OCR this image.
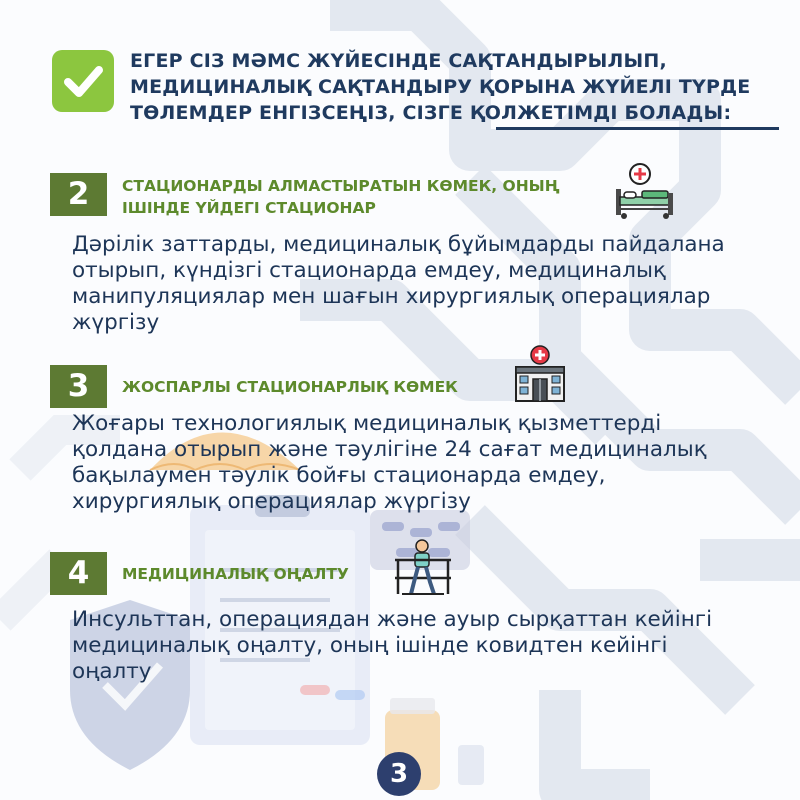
ЕГЕР СІЗ МӘМС ЖҮЙЕСІНДЕ САҚТАНДЫРЫЛЫП,
МЕДИЦИНАЛЫҚ САҚТАНДЫРУ ҚОРЫНА ЖҮЙЕЛІ ТҮРДЕ
ТӨЛЕМДЕР ЕНГІЗСЕҢІЗ, СІЗГЕ ҚОЛЖЕТІМДІ БОЛАДЫ:
2	СТАЦИОНАРДЫ АЛМАСТЫРАТЫН КӨМЕК, ОНЫҢ
ІШІНДЕ ҮЙДЕГІ СТАЦИОНАР
Дәрілік заттарды, медициналық бұйымдарды пайдалана
отырып, күндізгі стационарда емдеу, медициналық
манипуляциялар мен шағын хирургиялық операциялар
жүргізу
3	ЖОСПАРЛЫ СТАЦИОНАРЛЫҚ КӨМЕК
Жоғары технологиялық медициналық қызметтерді
қолдана отырып және тәулігіне 24 сағат медициналық
бақылаумен тәулік бойғы стационарда емдеу,
хирургиялық операциялар жүргізу
4	МЕДИЦИНАЛЫҚ ОҢАЛТУ
Инсульттан, операциядан және ауыр сырқаттан кейінгі
медициналық оңалту, оның ішінде ковидтен кейінгі
оңалту
3
